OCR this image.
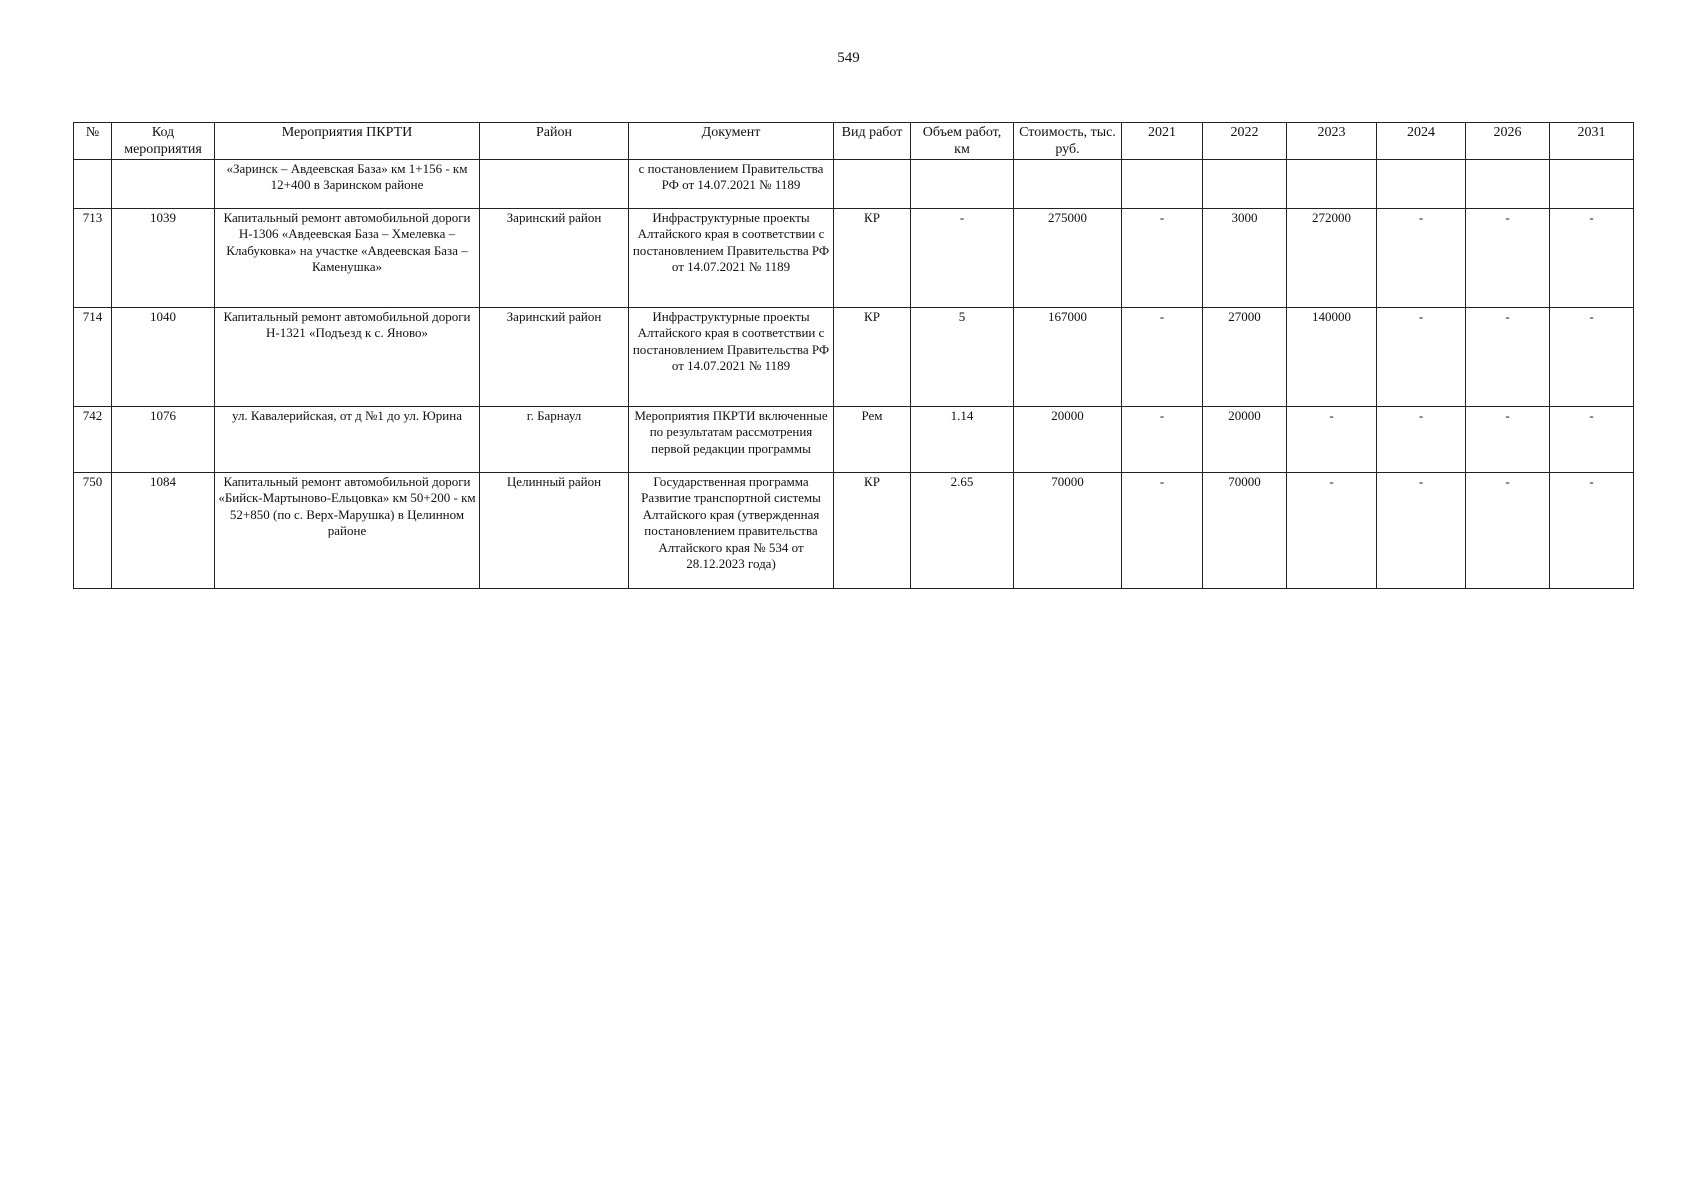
549
№	Код мероприятия	Мероприятия ПКРТИ	Район	Документ	Вид работ	Объем работ, км	Стоимость, тыс. руб.	2021	2022	2023	2024	2026	2031
		«Заринск – Авдеевская База» км 1+156 - км 12+400 в Заринском районе		с постановлением Правительства РФ от 14.07.2021 № 1189									
713	1039	Капитальный ремонт автомобильной дороги Н-1306 «Авдеевская База – Хмелевка – Клабуковка» на участке «Авдеевская База – Каменушка»	Заринский район	Инфраструктурные проекты Алтайского края в соответствии с постановлением Правительства РФ от 14.07.2021 № 1189	КР	-	275000	-	3000	272000	-	-	-
714	1040	Капитальный ремонт автомобильной дороги Н-1321 «Подъезд к с. Яново»	Заринский район	Инфраструктурные проекты Алтайского края в соответствии с постановлением Правительства РФ от 14.07.2021 № 1189	КР	5	167000	-	27000	140000	-	-	-
742	1076	ул. Кавалерийская, от д №1 до ул. Юрина	г. Барнаул	Мероприятия ПКРТИ включенные по результатам рассмотрения первой редакции программы	Рем	1.14	20000	-	20000	-	-	-	-
750	1084	Капитальный ремонт автомобильной дороги «Бийск-Мартыново-Ельцовка» км 50+200 - км 52+850 (по с. Верх-Марушка) в Целинном районе	Целинный район	Государственная программа Развитие транспортной системы Алтайского края (утвержденная постановлением правительства Алтайского края № 534 от 28.12.2023 года)	КР	2.65	70000	-	70000	-	-	-	-
